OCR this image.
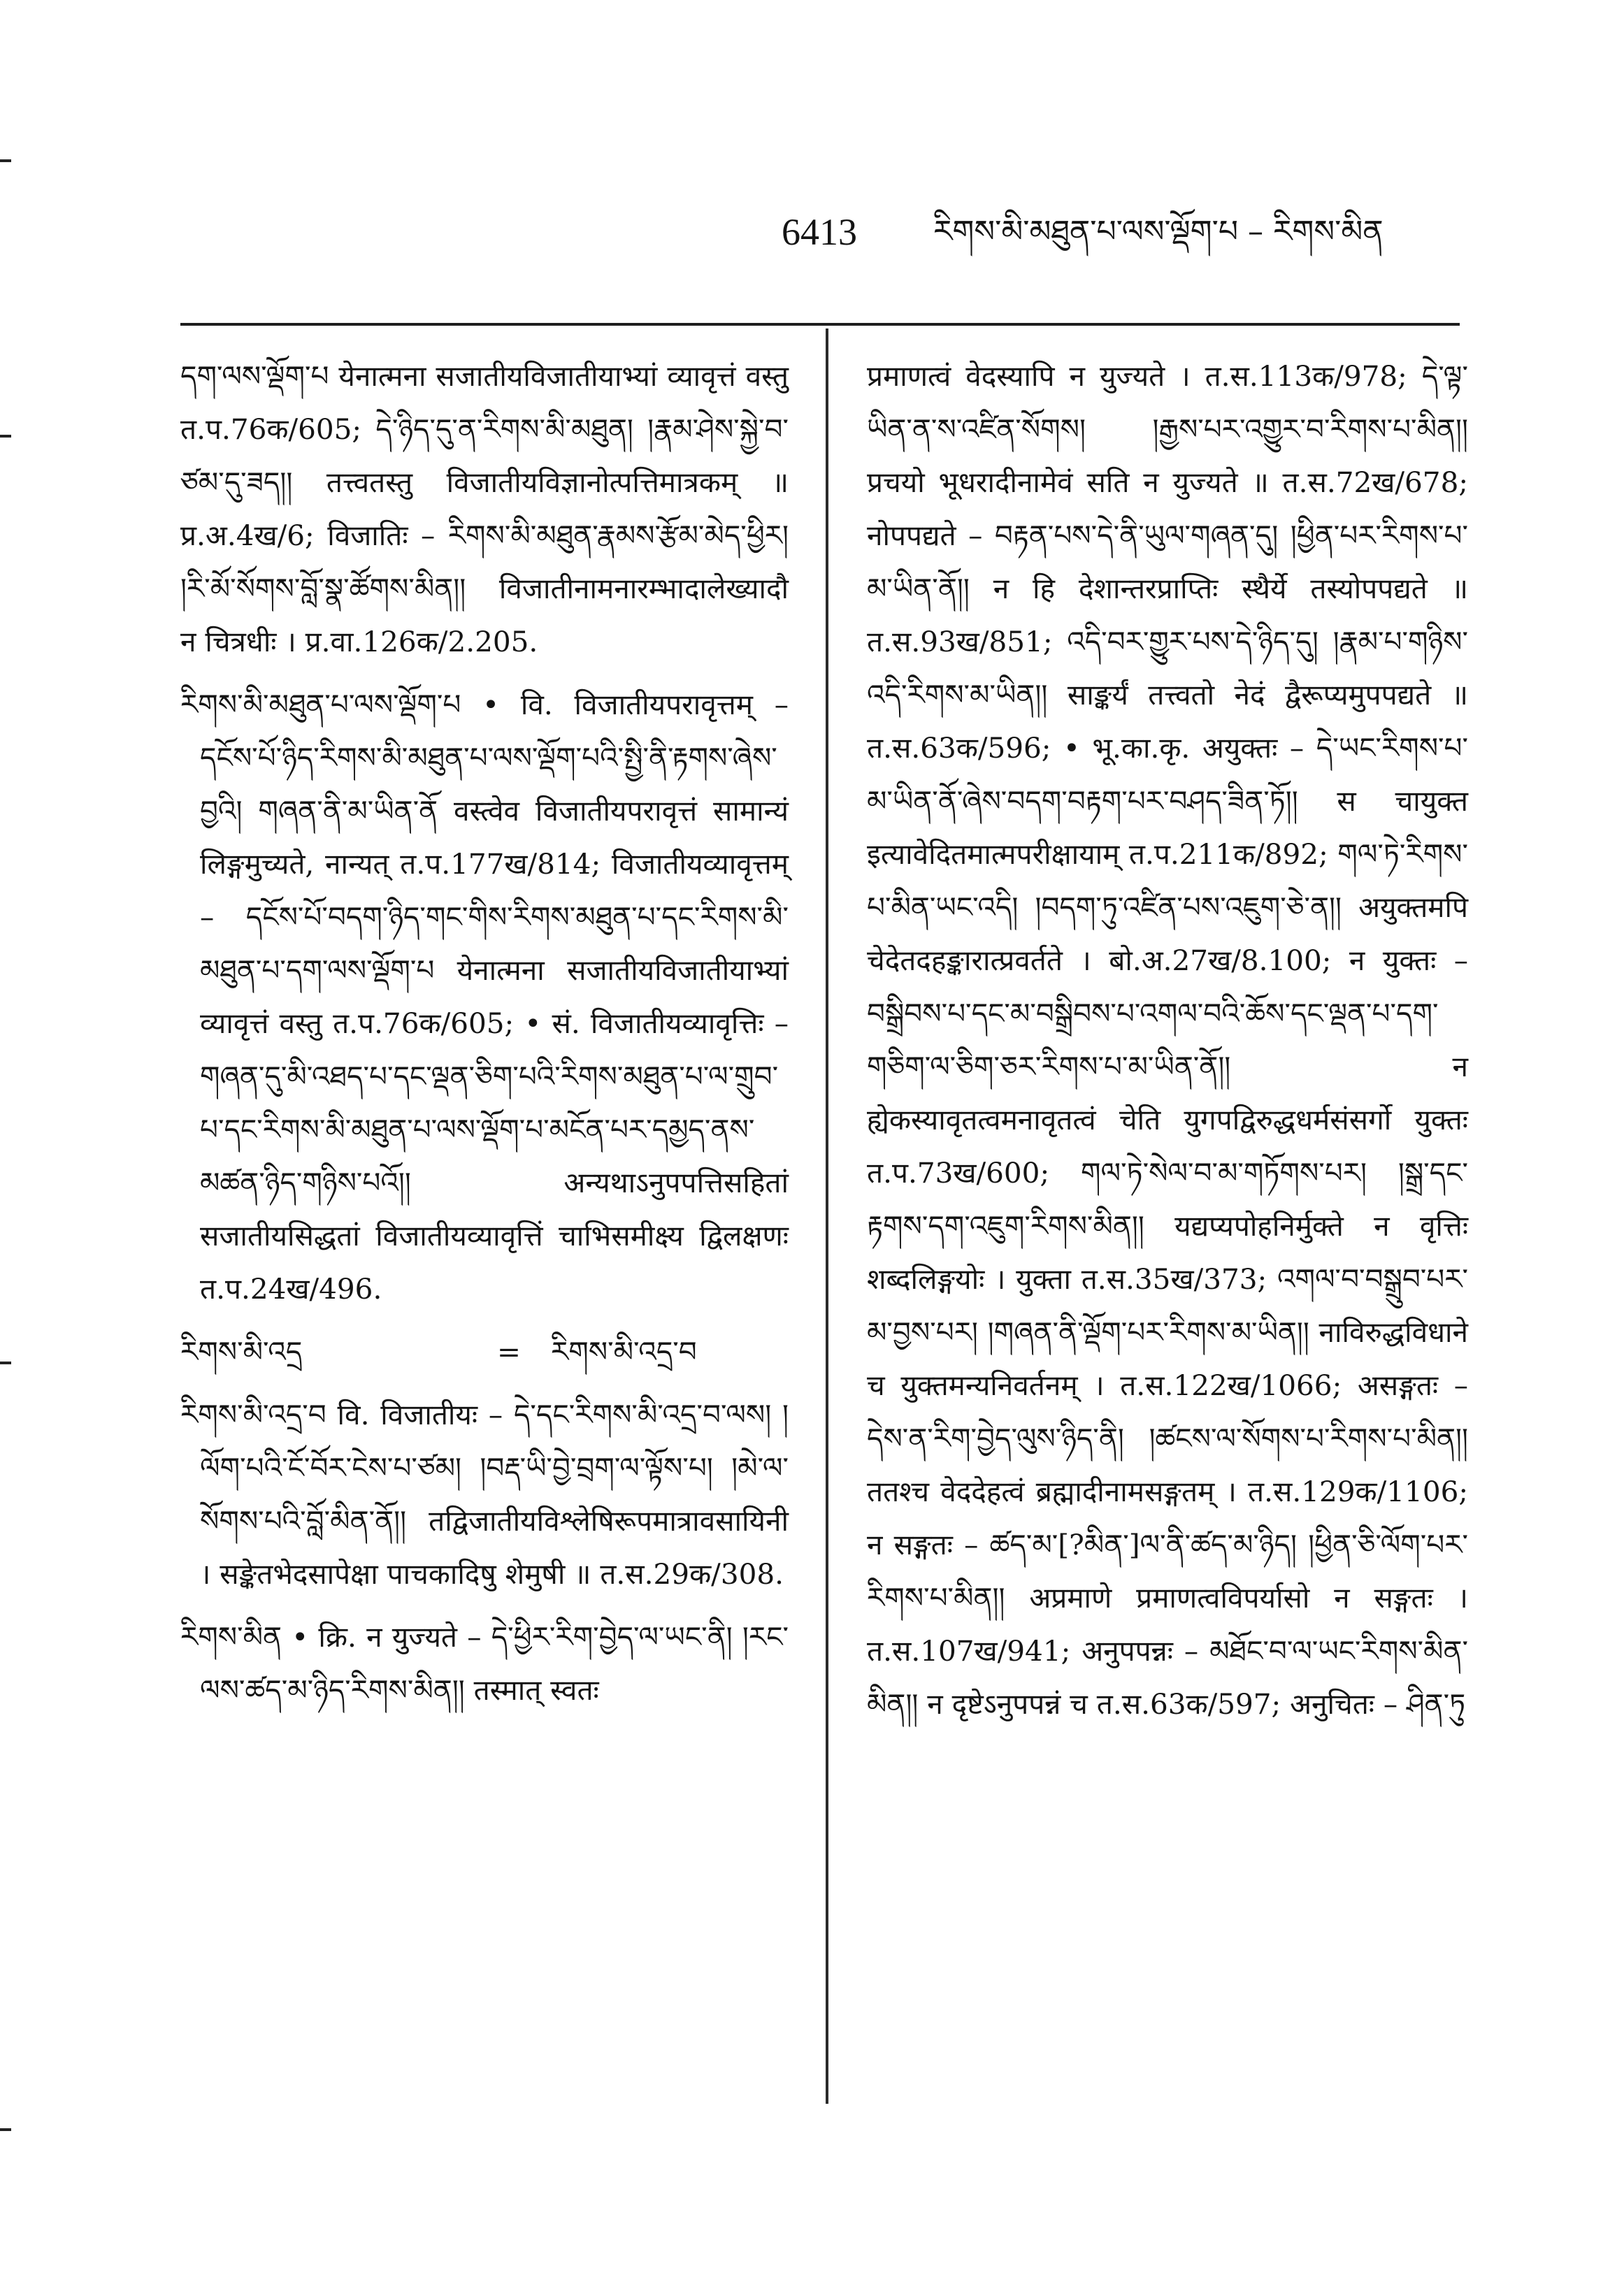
6413 རིགས་མི་མཐུན་པ་ལས་ལྡོག་པ – རིགས་མིན

དག་ལས་ལྡོག་པ येनात्मना सजातीयविजातीयाभ्यां व्यावृत्तं वस्तु त.प.76क/605; དེ་ཉིད་དུ་ན་རིགས་མི་མཐུན། །རྣམ་ཤེས་སྐྱེ་བ་ཙམ་དུ་ཟད།། तत्त्वतस्तु विजातीयविज्ञानोत्पत्तिमात्रकम् ॥ प्र.अ.4ख/6; विजातिः – རིགས་མི་མཐུན་རྣམས་རྩོམ་མེད་ཕྱིར། །རི་མོ་སོགས་བློ་སྣ་ཚོགས་མིན།། विजातीनामनारम्भादालेख्यादौ न चित्रधीः । प्र.वा.126क/2.205.

རིགས་མི་མཐུན་པ་ལས་ལྡོག་པ • वि. विजातीयपरावृत्तम् – དངོས་པོ་ཉིད་རིགས་མི་མཐུན་པ་ལས་ལྡོག་པའི་སྤྱི་ནི་རྟགས་ཞེས་བྱའི། གཞན་ནི་མ་ཡིན་ནོ वस्त्वेव विजातीयपरावृत्तं सामान्यं लिङ्गमुच्यते, नान्यत् त.प.177ख/814; विजातीयव्यावृत्तम् – དངོས་པོ་བདག་ཉིད་གང་གིས་རིགས་མཐུན་པ་དང་རིགས་མི་མཐུན་པ་དག་ལས་ལྡོག་པ येनात्मना सजातीयविजातीयाभ्यां व्यावृत्तं वस्तु त.प.76क/605; • सं. विजातीयव्यावृत्तिः – གཞན་དུ་མི་འཐད་པ་དང་ལྡན་ཅིག་པའི་རིགས་མཐུན་པ་ལ་གྲུབ་པ་དང་རིགས་མི་མཐུན་པ་ལས་ལྡོག་པ་མངོན་པར་དམྱད་ནས་མཚན་ཉིད་གཉིས་པའོ།། अन्यथाऽनुपपत्तिसहितां सजातीयसिद्धतां विजातीयव्यावृत्तिं चाभिसमीक्ष्य द्विलक्षणः त.प.24ख/496.

རིགས་མི་འདྲ	=	རིགས་མི་འདྲ་བ

རིགས་མི་འདྲ་བ वि. विजातीयः – དེ་དང་རིགས་མི་འདྲ་བ་ལས། །ལོག་པའི་ངོ་བོར་ངེས་པ་ཙམ། །བརྡ་ཡི་བྱེ་བྲག་ལ་ལྟོས་པ། །མེ་ལ་སོགས་པའི་བློ་མིན་ནོ།། तद्विजातीयविश्लेषिरूपमात्रावसायिनी । सङ्केतभेदसापेक्षा पाचकादिषु शेमुषी ॥ त.स.29क/308.

རིགས་མིན • क्रि. न युज्यते – དེ་ཕྱིར་རིག་བྱེད་ལ་ཡང་ནི། །རང་ལས་ཚད་མ་ཉིད་རིགས་མིན།། तस्मात् स्वतः

प्रमाणत्वं वेदस्यापि न युज्यते । त.स.113क/978; དེ་ལྟ་ཡིན་ན་ས་འཛིན་སོགས། །རྒྱས་པར་འགྱུར་བ་རིགས་པ་མིན།། प्रचयो भूधरादीनामेवं सति न युज्यते ॥ त.स.72ख/678; नोपपद्यते – བརྟན་པས་དེ་ནི་ཡུལ་གཞན་དུ། །ཕྱིན་པར་རིགས་པ་མ་ཡིན་ནོ།། न हि देशान्तरप्राप्तिः स्थैर्ये तस्योपपद्यते ॥ त.स.93ख/851; འདི་བར་གྱུར་པས་དེ་ཉིད་དུ། །རྣམ་པ་གཉིས་འདི་རིགས་མ་ཡིན།། साङ्कर्यं तत्त्वतो नेदं द्वैरूप्यमुपपद्यते ॥ त.स.63क/596; • भू.का.कृ. अयुक्तः – དེ་ཡང་རིགས་པ་མ་ཡིན་ནོ་ཞེས་བདག་བརྟག་པར་བཤད་ཟིན་ཏོ།། स चायुक्त इत्यावेदितमात्मपरीक्षायाम् त.प.211क/892; གལ་ཏེ་རིགས་པ་མིན་ཡང་འདི། །བདག་ཏུ་འཛིན་པས་འཇུག་ཅེ་ན།། अयुक्तमपि चेदेतदहङ्कारात्प्रवर्तते । बो.अ.27ख/8.100; न युक्तः – བསྒྲིབས་པ་དང་མ་བསྒྲིབས་པ་འགལ་བའི་ཆོས་དང་ལྡན་པ་དག་གཅིག་ལ་ཅིག་ཅར་རིགས་པ་མ་ཡིན་ནོ།། न ह्येकस्यावृतत्वमनावृतत्वं चेति युगपद्विरुद्धधर्मसंसर्गो युक्तः त.प.73ख/600; གལ་ཏེ་སེལ་བ་མ་གཏོགས་པར། །སྒྲ་དང་རྟགས་དག་འཇུག་རིགས་མིན།། यद्यप्यपोहनिर्मुक्ते न वृत्तिः शब्दलिङ्गयोः । युक्ता त.स.35ख/373; འགལ་བ་བསྒྲུབ་པར་མ་བྱས་པར། །གཞན་ནི་ལྡོག་པར་རིགས་མ་ཡིན།། नाविरुद्धविधाने च युक्तमन्यनिवर्तनम् । त.स.122ख/1066; असङ्गतः – དེས་ན་རིག་བྱེད་ལུས་ཉིད་ནི། །ཚངས་ལ་སོགས་པ་རིགས་པ་མིན།། ततश्च वेददेहत्वं ब्रह्मादीनामसङ्गतम् । त.स.129क/1106; न सङ्गतः – ཚད་མ་[?མིན་]ལ་ནི་ཚད་མ་ཉིད། །ཕྱིན་ཅི་ལོག་པར་རིགས་པ་མིན།། अप्रमाणे प्रमाणत्वविपर्यासो न सङ्गतः । त.स.107ख/941; अनुपपन्नः – མཐོང་བ་ལ་ཡང་རིགས་མིན་མིན།། न दृष्टेऽनुपपन्नं च त.स.63क/597; अनुचितः – ཤིན་ཏུ
